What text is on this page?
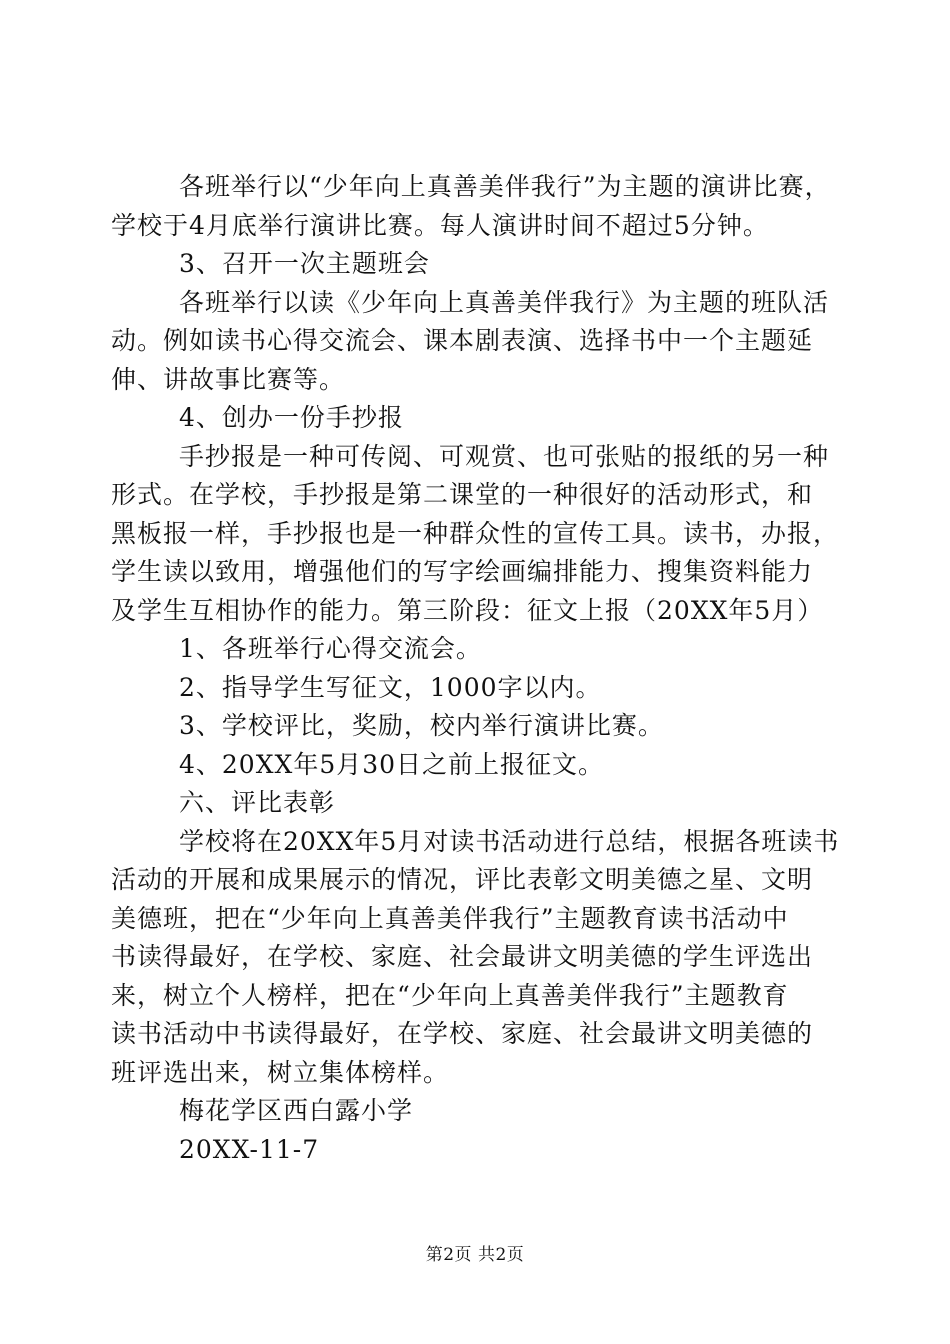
各班举行以“少年向上真善美伴我行”为主题的演讲比赛，
学校于4月底举行演讲比赛。每人演讲时间不超过5分钟。
3、召开一次主题班会
各班举行以读《少年向上真善美伴我行》为主题的班队活
动。例如读书心得交流会、课本剧表演、选择书中一个主题延
伸、讲故事比赛等。
4、创办一份手抄报
手抄报是一种可传阅、可观赏、也可张贴的报纸的另一种
形式。在学校，手抄报是第二课堂的一种很好的活动形式，和
黑板报一样，手抄报也是一种群众性的宣传工具。读书，办报，
学生读以致用，增强他们的写字绘画编排能力、搜集资料能力
及学生互相协作的能力。第三阶段：征文上报（20XX年5月）
1、各班举行心得交流会。
2、指导学生写征文，1000字以内。
3、学校评比，奖励，校内举行演讲比赛。
4、20XX年5月30日之前上报征文。
六、评比表彰
学校将在20XX年5月对读书活动进行总结，根据各班读书
活动的开展和成果展示的情况，评比表彰文明美德之星、文明
美德班，把在“少年向上真善美伴我行”主题教育读书活动中
书读得最好，在学校、家庭、社会最讲文明美德的学生评选出
来，树立个人榜样，把在“少年向上真善美伴我行”主题教育
读书活动中书读得最好，在学校、家庭、社会最讲文明美德的
班评选出来，树立集体榜样。
梅花学区西白露小学
20XX-11-7
第2页 共2页
